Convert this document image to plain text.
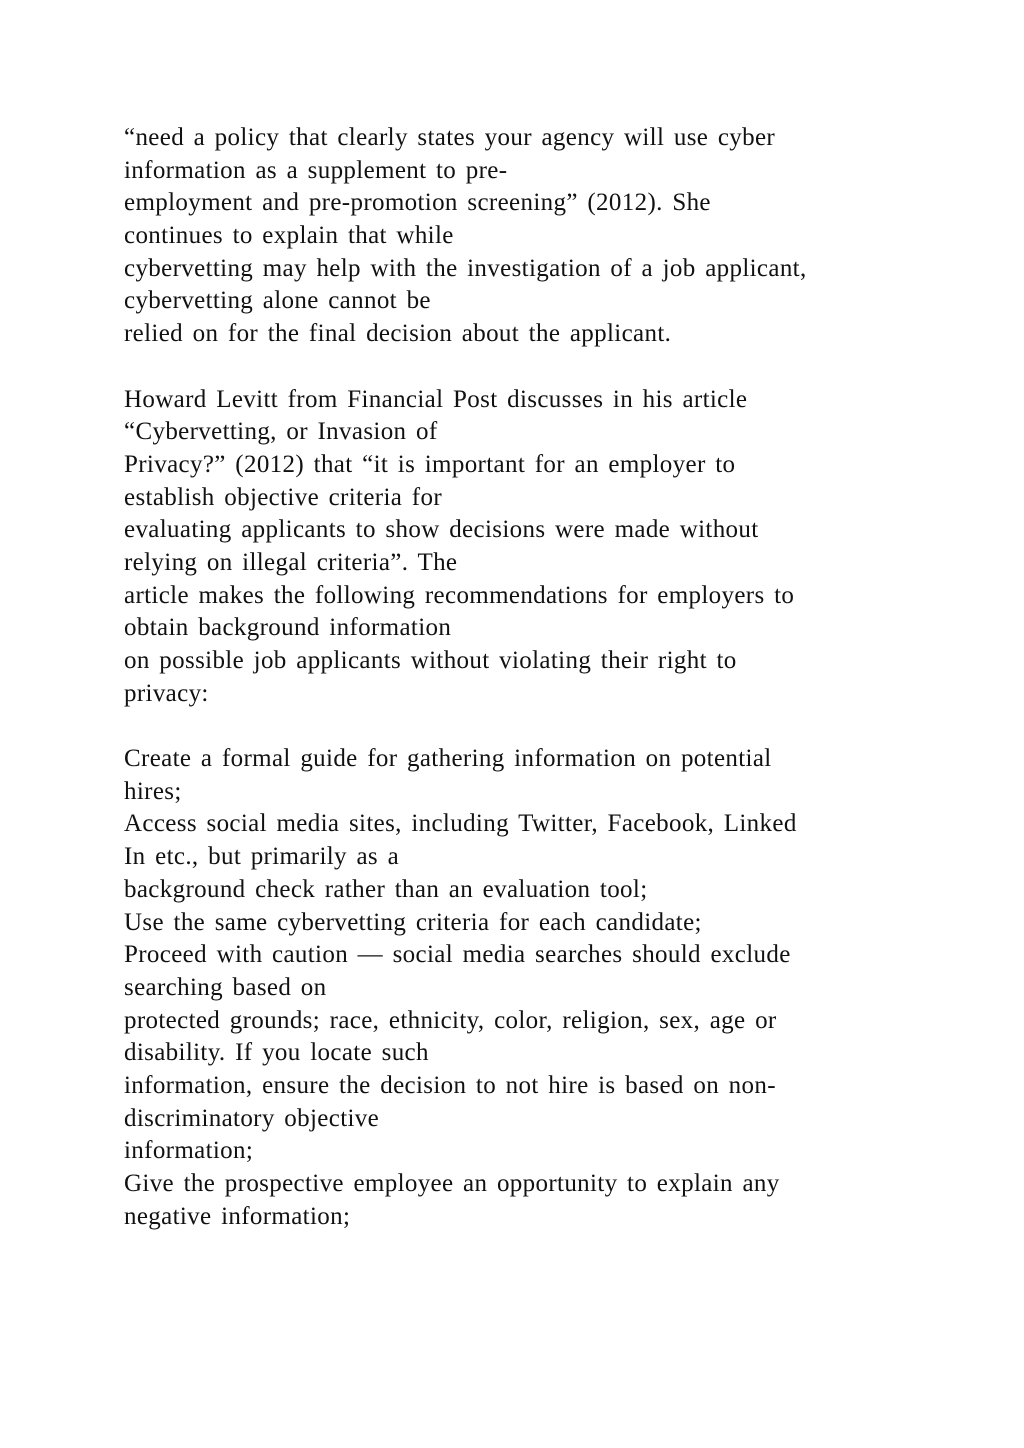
“need a policy that clearly states your agency will use cyber
information as a supplement to pre-
employment and pre-promotion screening” (2012). She
continues to explain that while
cybervetting may help with the investigation of a job applicant,
cybervetting alone cannot be
relied on for the final decision about the applicant.
Howard Levitt from Financial Post discusses in his article
“Cybervetting, or Invasion of
Privacy?” (2012) that “it is important for an employer to
establish objective criteria for
evaluating applicants to show decisions were made without
relying on illegal criteria”. The
article makes the following recommendations for employers to
obtain background information
on possible job applicants without violating their right to
privacy:
Create a formal guide for gathering information on potential
hires;
Access social media sites, including Twitter, Facebook, Linked
In etc., but primarily as a
background check rather than an evaluation tool;
Use the same cybervetting criteria for each candidate;
Proceed with caution — social media searches should exclude
searching based on
protected grounds; race, ethnicity, color, religion, sex, age or
disability. If you locate such
information, ensure the decision to not hire is based on non-
discriminatory objective
information;
Give the prospective employee an opportunity to explain any
negative information;
